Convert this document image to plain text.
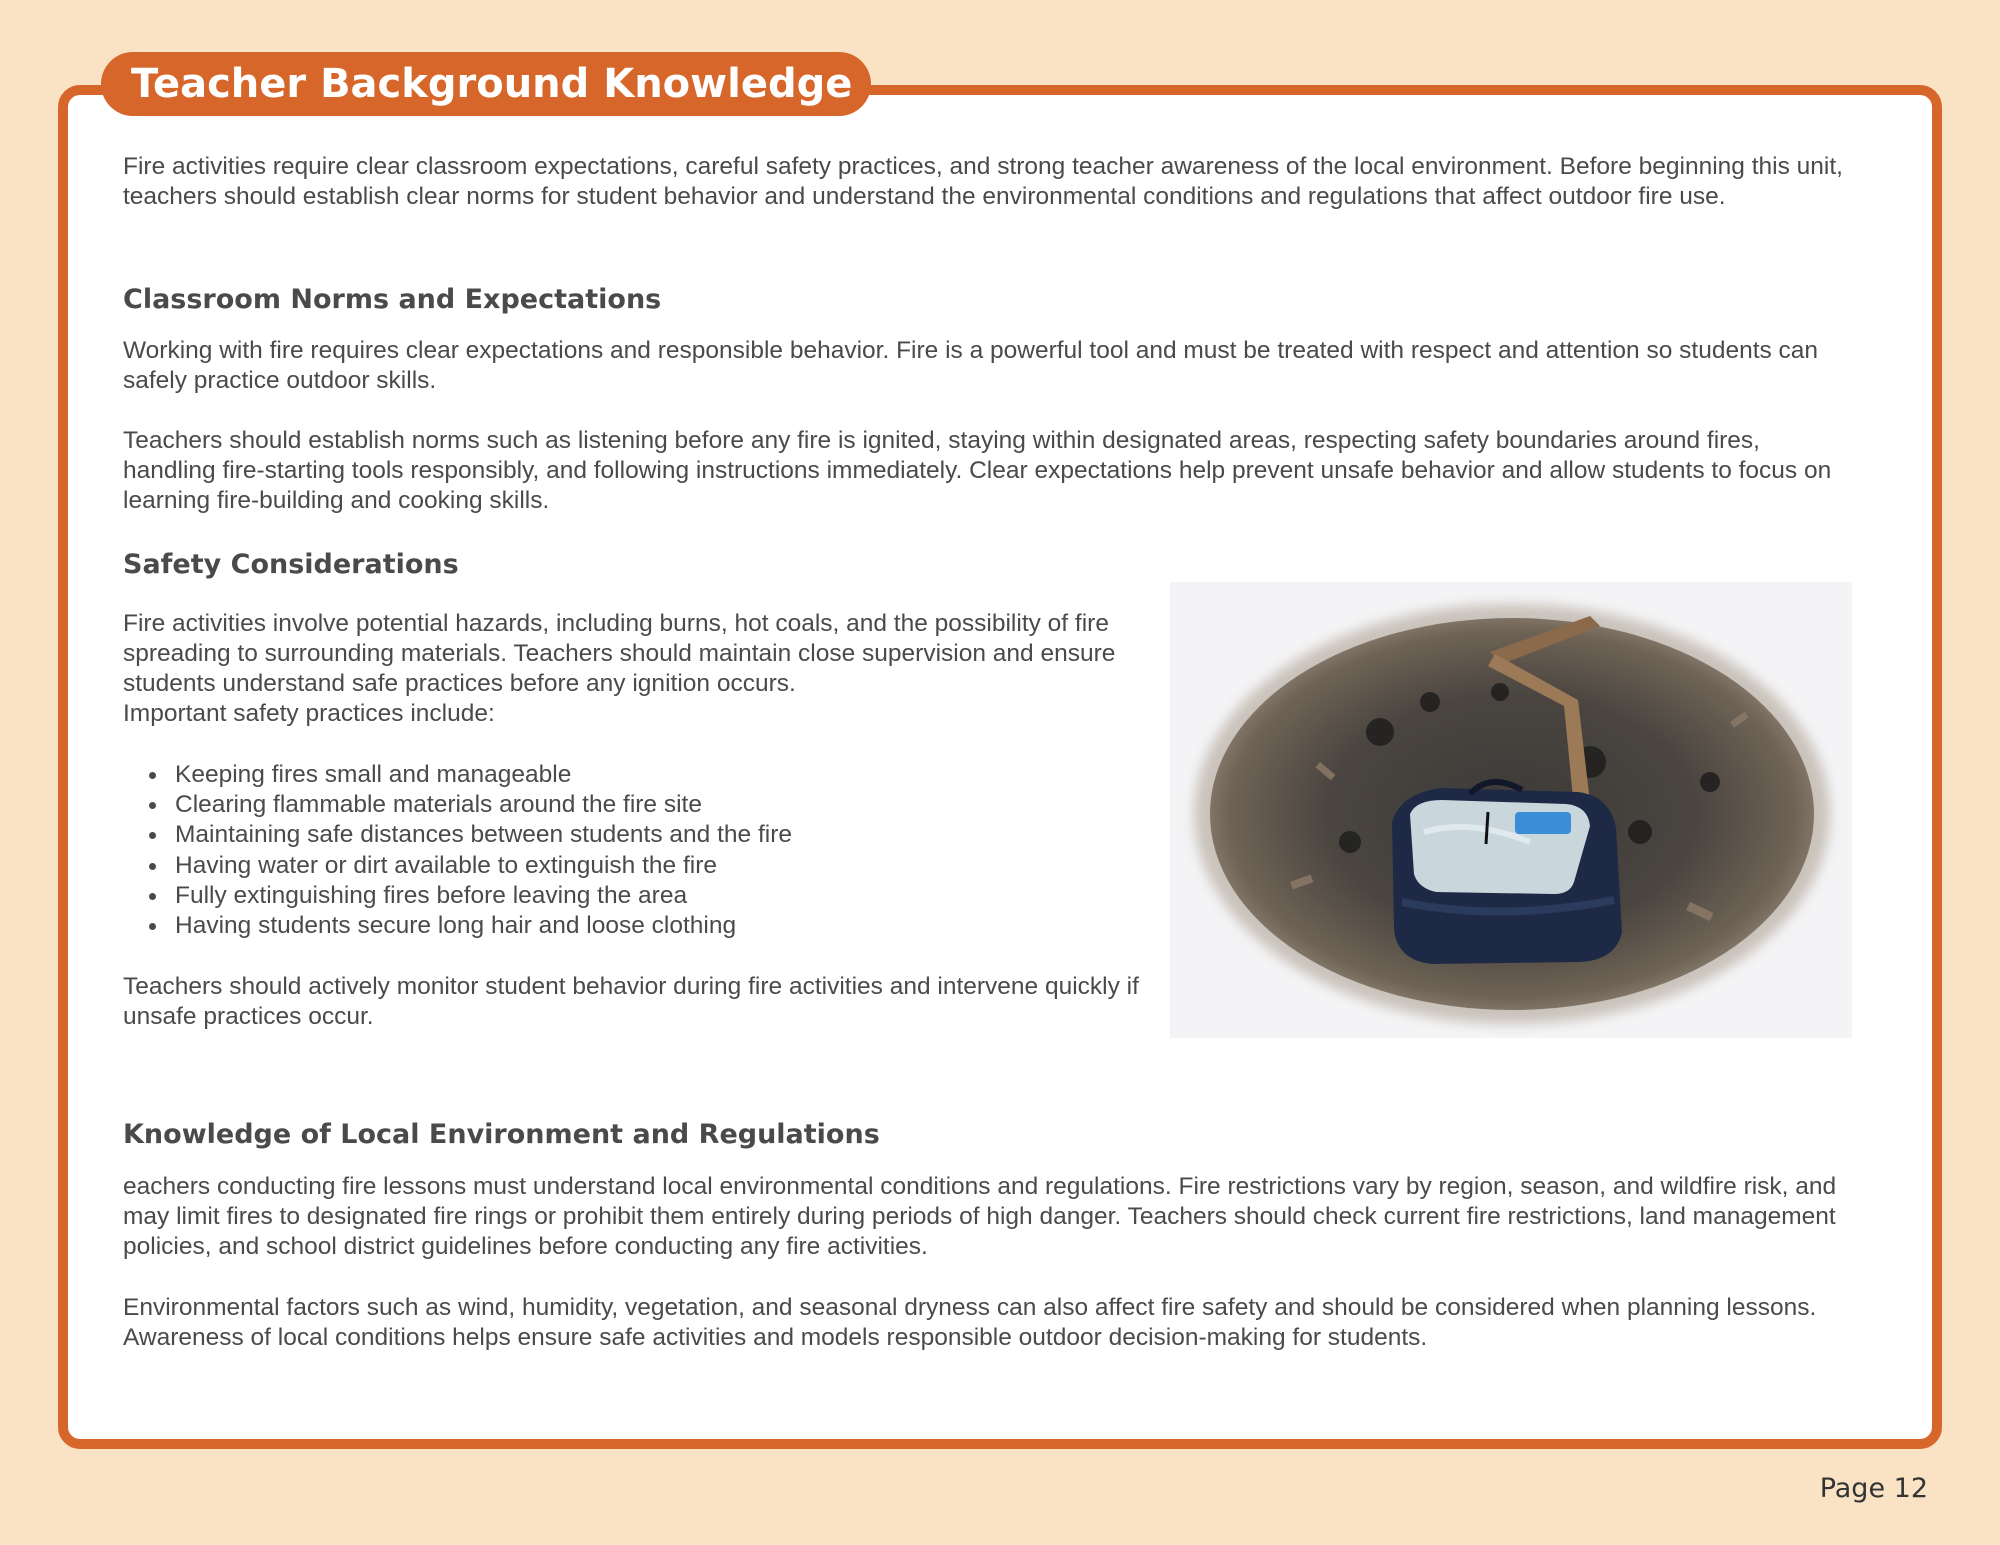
Teacher Background Knowledge

Fire activities require clear classroom expectations, careful safety practices, and strong teacher awareness of the local environment. Before beginning this unit, teachers should establish clear norms for student behavior and understand the environmental conditions and regulations that affect outdoor fire use.

Classroom Norms and Expectations

Working with fire requires clear expectations and responsible behavior. Fire is a powerful tool and must be treated with respect and attention so students can safely practice outdoor skills.

Teachers should establish norms such as listening before any fire is ignited, staying within designated areas, respecting safety boundaries around fires, handling fire-starting tools responsibly, and following instructions immediately. Clear expectations help prevent unsafe behavior and allow students to focus on learning fire-building and cooking skills.

Safety Considerations

Fire activities involve potential hazards, including burns, hot coals, and the possibility of fire spreading to surrounding materials. Teachers should maintain close supervision and ensure students understand safe practices before any ignition occurs.

Important safety practices include:

Keeping fires small and manageable
Clearing flammable materials around the fire site
Maintaining safe distances between students and the fire
Having water or dirt available to extinguish the fire
Fully extinguishing fires before leaving the area
Having students secure long hair and loose clothing

Teachers should actively monitor student behavior during fire activities and intervene quickly if unsafe practices occur.

Knowledge of Local Environment and Regulations

eachers conducting fire lessons must understand local environmental conditions and regulations. Fire restrictions vary by region, season, and wildfire risk, and may limit fires to designated fire rings or prohibit them entirely during periods of high danger. Teachers should check current fire restrictions, land management policies, and school district guidelines before conducting any fire activities.

Environmental factors such as wind, humidity, vegetation, and seasonal dryness can also affect fire safety and should be considered when planning lessons. Awareness of local conditions helps ensure safe activities and models responsible outdoor decision-making for students.

Page 12
